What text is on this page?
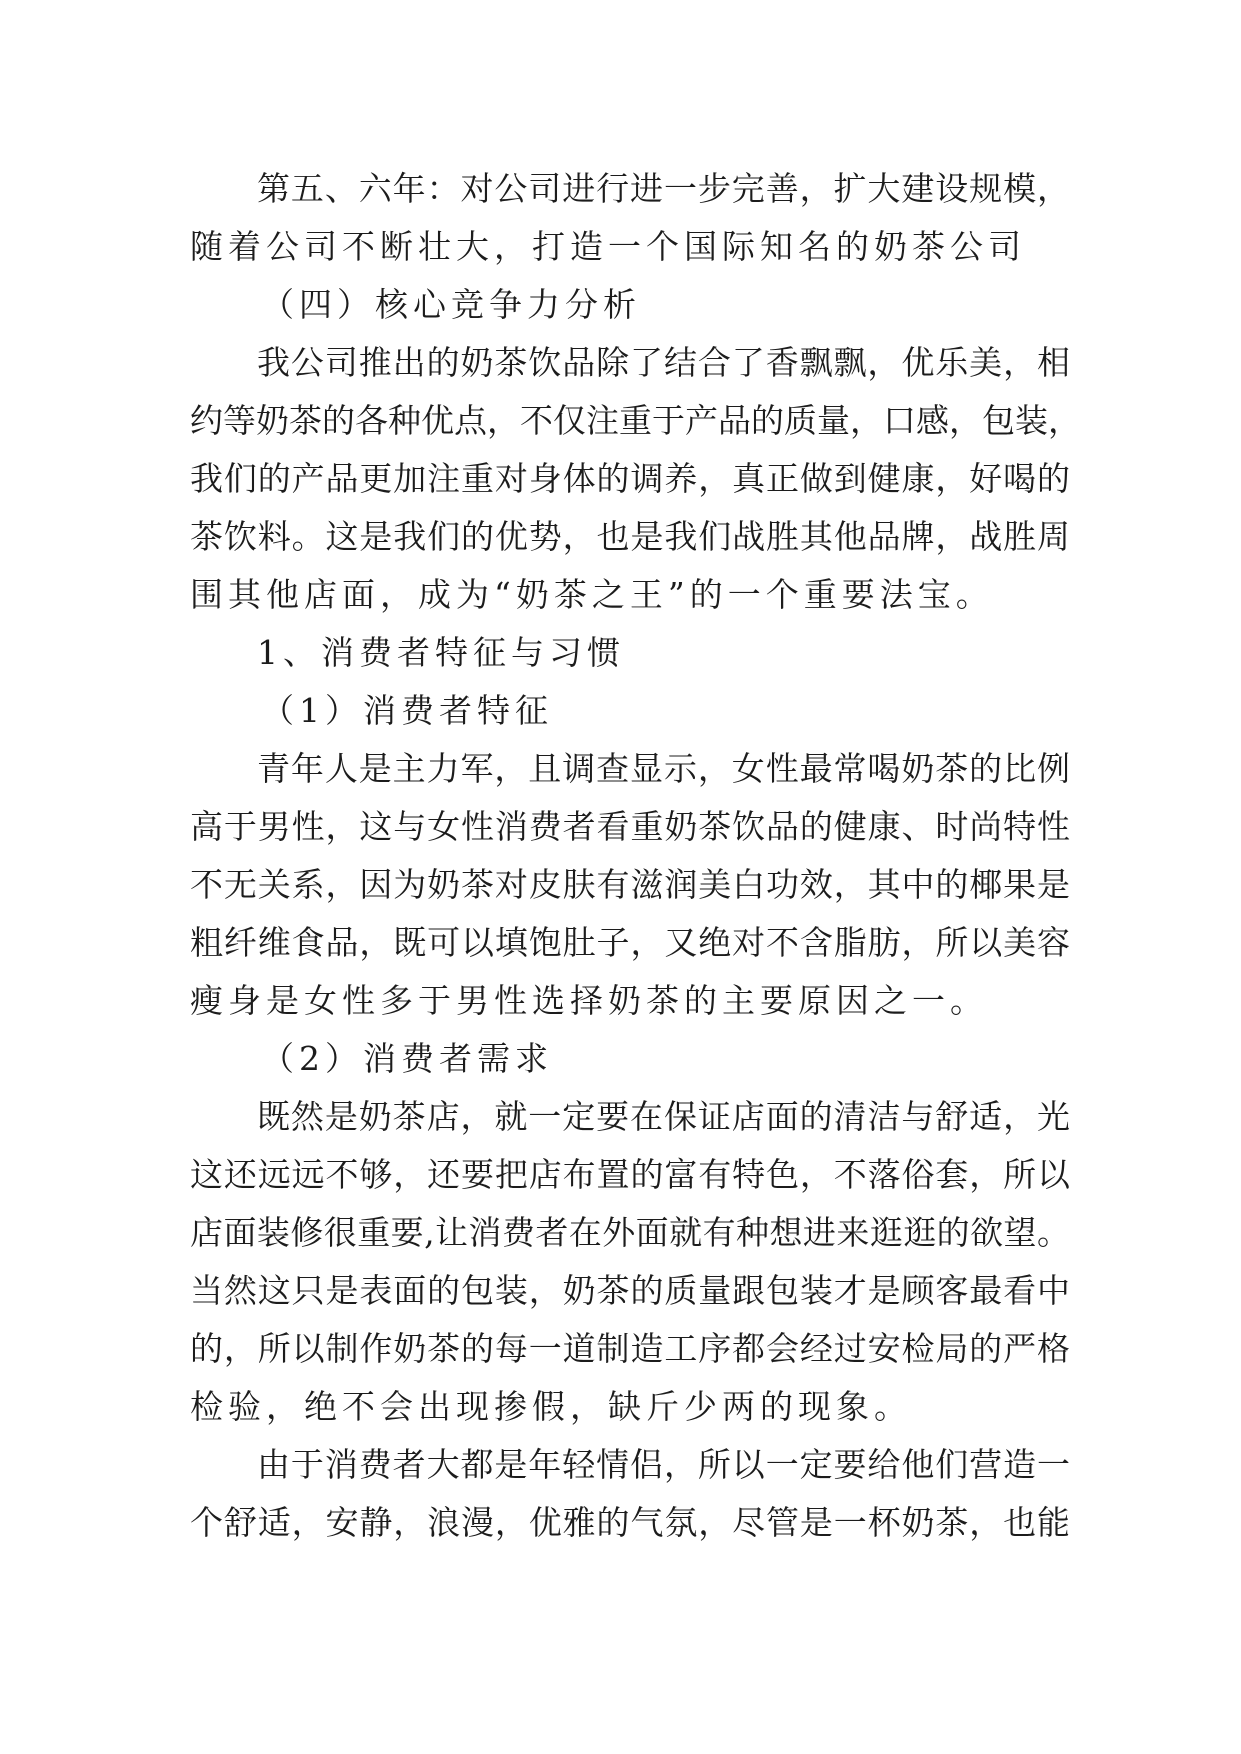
第五、六年：对公司进行进一步完善，扩大建设规模，
随着公司不断壮大，打造一个国际知名的奶茶公司
（四）核心竞争力分析
我公司推出的奶茶饮品除了结合了香飘飘，优乐美，相
约等奶茶的各种优点，不仅注重于产品的质量，口感，包装，
我们的产品更加注重对身体的调养，真正做到健康，好喝的
茶饮料。这是我们的优势，也是我们战胜其他品牌，战胜周
围其他店面，成为“奶茶之王”的一个重要法宝。
1、消费者特征与习惯
（1）消费者特征
青年人是主力军，且调查显示，女性最常喝奶茶的比例
高于男性，这与女性消费者看重奶茶饮品的健康、时尚特性
不无关系，因为奶茶对皮肤有滋润美白功效，其中的椰果是
粗纤维食品，既可以填饱肚子，又绝对不含脂肪，所以美容
瘦身是女性多于男性选择奶茶的主要原因之一。
（2）消费者需求
既然是奶茶店，就一定要在保证店面的清洁与舒适，光
这还远远不够，还要把店布置的富有特色，不落俗套，所以
店面装修很重要,让消费者在外面就有种想进来逛逛的欲望。
当然这只是表面的包装，奶茶的质量跟包装才是顾客最看中
的，所以制作奶茶的每一道制造工序都会经过安检局的严格
检验，绝不会出现掺假，缺斤少两的现象。
由于消费者大都是年轻情侣，所以一定要给他们营造一
个舒适，安静，浪漫，优雅的气氛，尽管是一杯奶茶，也能
